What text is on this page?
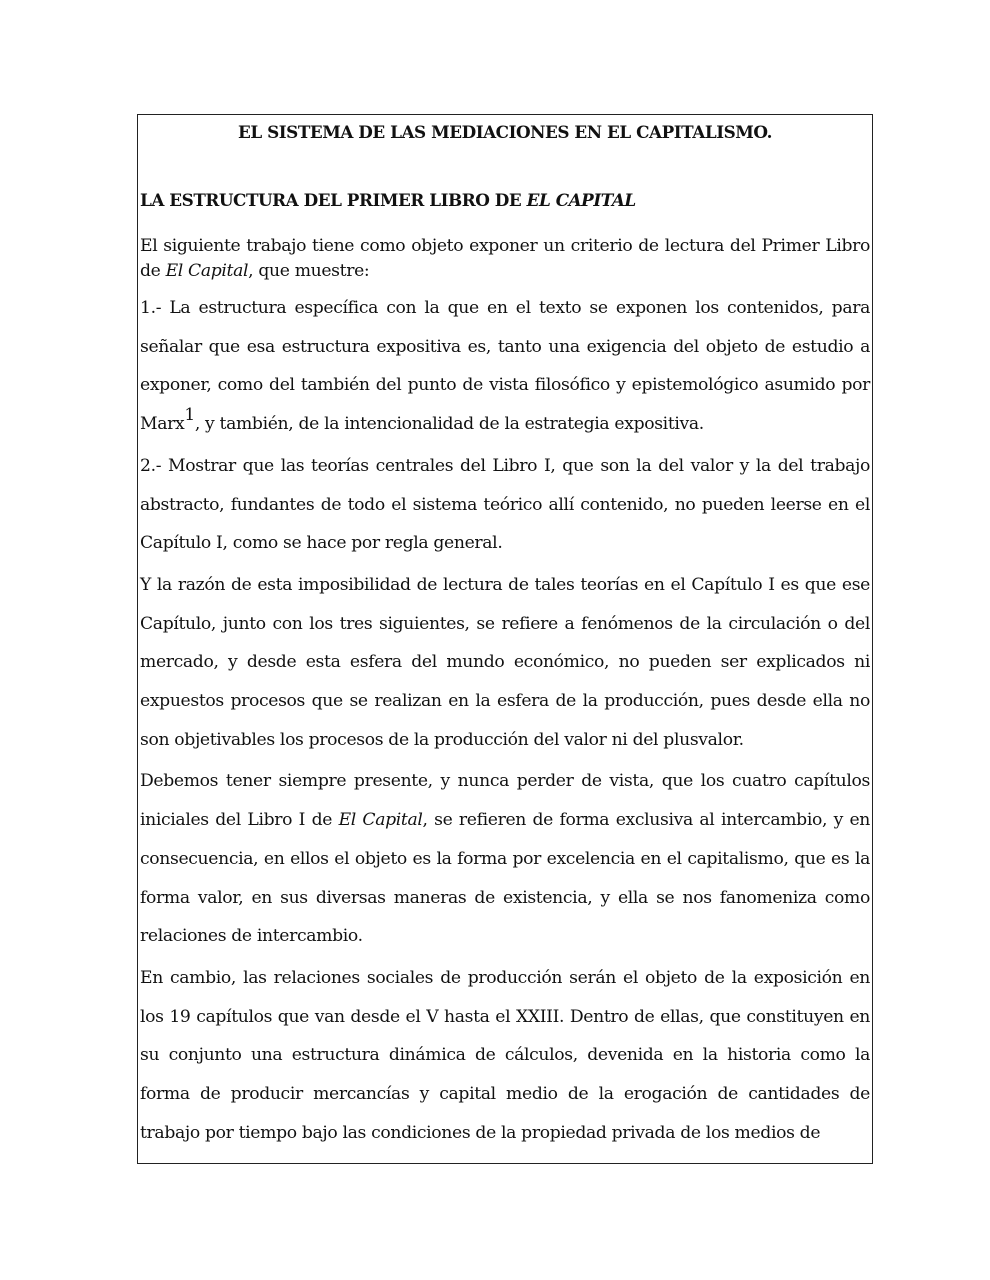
EL SISTEMA DE LAS MEDIACIONES EN EL CAPITALISMO.
LA ESTRUCTURA DEL PRIMER LIBRO DE EL CAPITAL

El siguiente trabajo tiene como objeto exponer un criterio de lectura del Primer Libro de El Capital, que muestre:

1.- La estructura específica con la que en el texto se exponen los contenidos, para señalar que esa estructura expositiva es, tanto una exigencia del objeto de estudio a exponer, como del también del punto de vista filosófico y epistemológico asumido por Marx$^1$, y también, de la intencionalidad de la estrategia expositiva.

2.- Mostrar que las teorías centrales del Libro I, que son la del valor y la del trabajo abstracto, fundantes de todo el sistema teórico allí contenido, no pueden leerse en el Capítulo I, como se hace por regla general.

Y la razón de esta imposibilidad de lectura de tales teorías en el Capítulo I es que ese Capítulo, junto con los tres siguientes, se refiere a fenómenos de la circulación o del mercado, y desde esta esfera del mundo económico, no pueden ser explicados ni expuestos procesos que se realizan en la esfera de la producción, pues desde ella no son objetivables los procesos de la producción del valor ni del plusvalor.

Debemos tener siempre presente, y nunca perder de vista, que los cuatro capítulos iniciales del Libro I de El Capital, se refieren de forma exclusiva al intercambio, y en consecuencia, en ellos el objeto es la forma por excelencia en el capitalismo, que es la forma valor, en sus diversas maneras de existencia, y ella se nos fanomeniza como relaciones de intercambio.

En cambio, las relaciones sociales de producción serán el objeto de la exposición en los 19 capítulos que van desde el V hasta el XXIII. Dentro de ellas, que constituyen en su conjunto una estructura dinámica de cálculos, devenida en la historia como la forma de producir mercancías y capital medio de la erogación de cantidades de trabajo por tiempo bajo las condiciones de la propiedad privada de los medios de
